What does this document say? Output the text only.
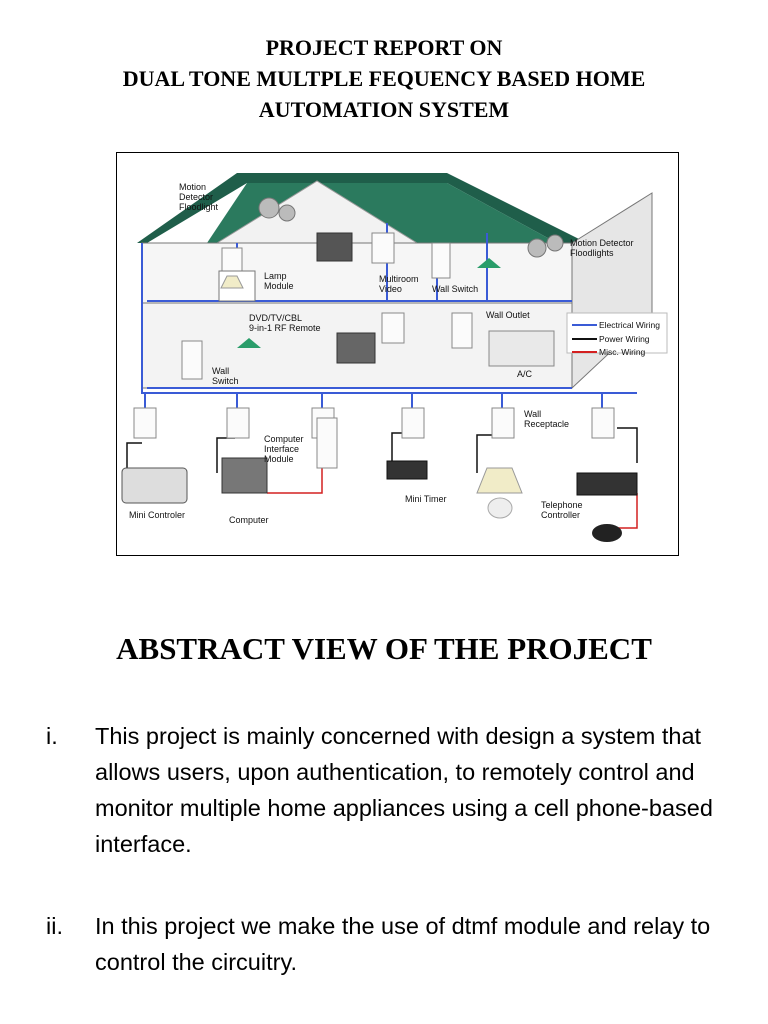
PROJECT REPORT ON
DUAL TONE MULTPLE FEQUENCY BASED HOME
AUTOMATION SYSTEM
Motion
Detector
Floodlight
Motion Detector
Floodlights
Lamp
Module
Multiroom
Video	Wall Switch
DVD/TV/CBL
9-in-1 RF Remote
Wall Outlet
Wall
Switch
A/C
Computer
Interface
Module
Wall
Receptacle
Mini Timer
Mini Controler	Computer
Telephone
Controller
Electrical Wiring
Power Wiring
Misc. Wiring
ABSTRACT VIEW OF THE PROJECT
i. This project is mainly concerned with design a system that allows users, upon authentication, to remotely control and monitor multiple home appliances using a cell phone-based interface.
ii. In this project we make the use of dtmf module and relay to control the circuitry.
